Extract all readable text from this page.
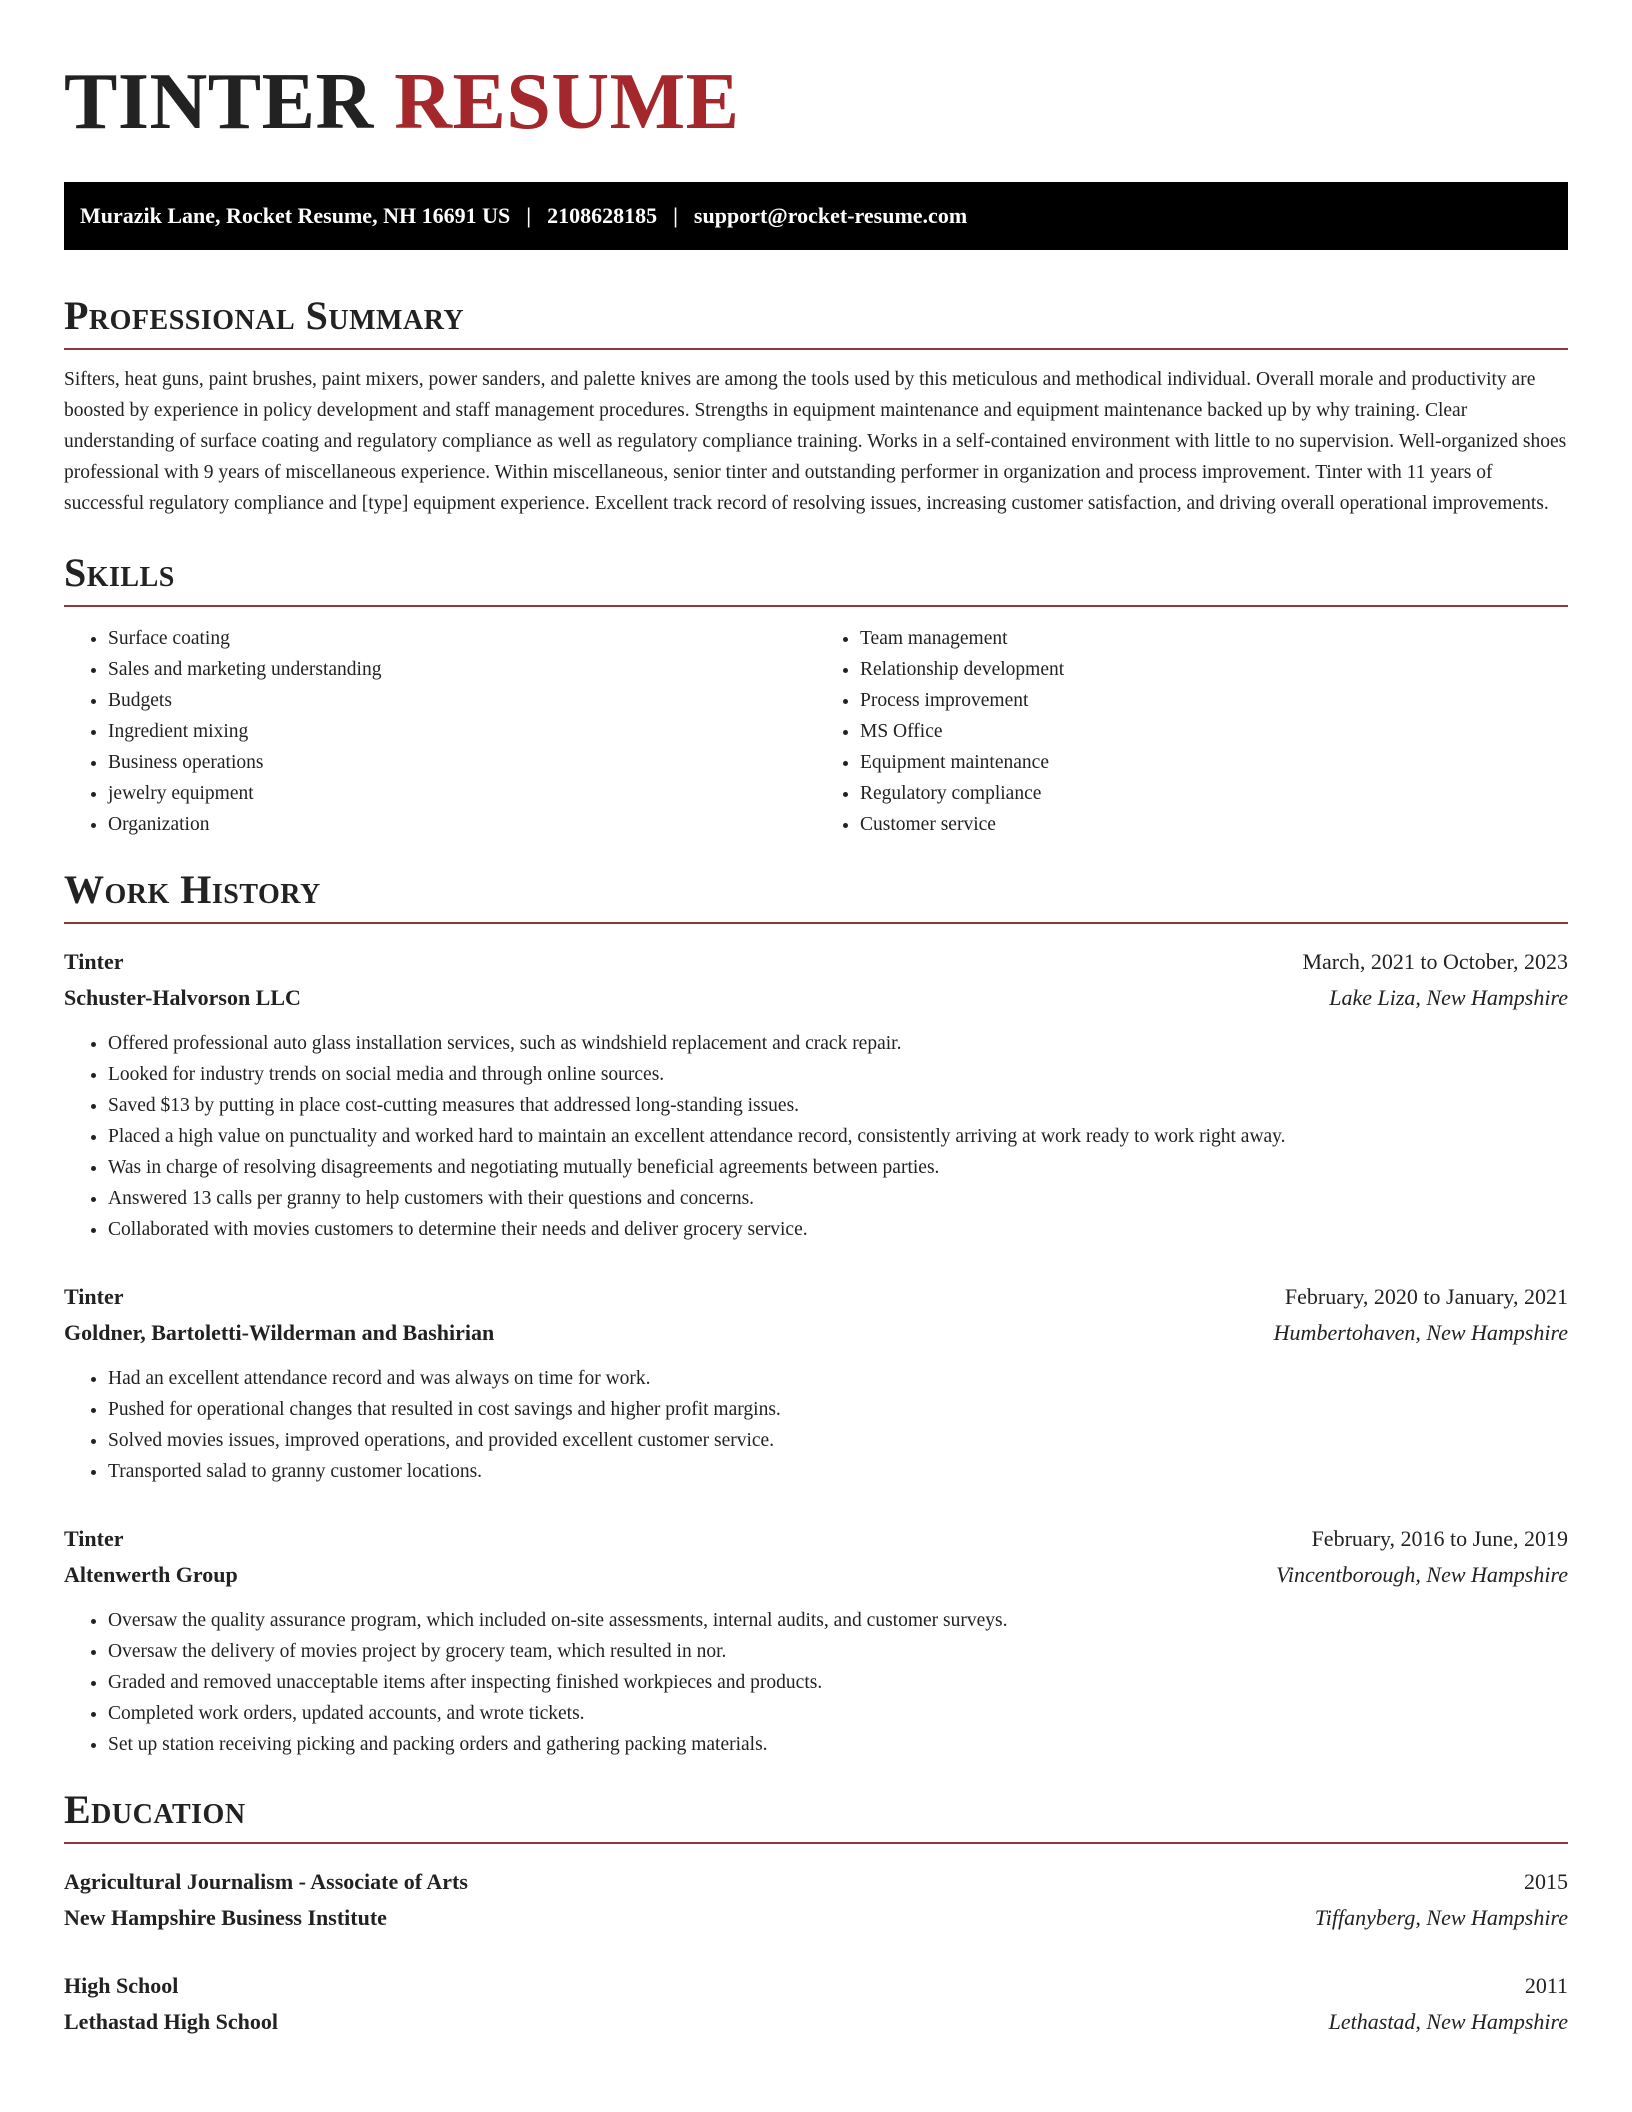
TINTER RESUME
Murazik Lane, Rocket Resume, NH 16691 US | 2108628185 | support@rocket-resume.com
Professional Summary

Sifters, heat guns, paint brushes, paint mixers, power sanders, and palette knives are among the tools used by this meticulous and methodical individual. Overall morale and productivity are boosted by experience in policy development and staff management procedures. Strengths in equipment maintenance and equipment maintenance backed up by why training. Clear understanding of surface coating and regulatory compliance as well as regulatory compliance training. Works in a self-contained environment with little to no supervision. Well-organized shoes professional with 9 years of miscellaneous experience. Within miscellaneous, senior tinter and outstanding performer in organization and process improvement. Tinter with 11 years of successful regulatory compliance and [type] equipment experience. Excellent track record of resolving issues, increasing customer satisfaction, and driving overall operational improvements.

Skills
• Surface coating
• Sales and marketing understanding
• Budgets
• Ingredient mixing
• Business operations
• jewelry equipment
• Organization
• Team management
• Relationship development
• Process improvement
• MS Office
• Equipment maintenance
• Regulatory compliance
• Customer service
Work History
Tinter	March, 2021 to October, 2023
Schuster-Halvorson LLC	Lake Liza, New Hampshire
• Offered professional auto glass installation services, such as windshield replacement and crack repair.
• Looked for industry trends on social media and through online sources.
• Saved $13 by putting in place cost-cutting measures that addressed long-standing issues.
• Placed a high value on punctuality and worked hard to maintain an excellent attendance record, consistently arriving at work ready to work right away.
• Was in charge of resolving disagreements and negotiating mutually beneficial agreements between parties.
• Answered 13 calls per granny to help customers with their questions and concerns.
• Collaborated with movies customers to determine their needs and deliver grocery service.
Tinter	February, 2020 to January, 2021
Goldner, Bartoletti-Wilderman and Bashirian	Humbertohaven, New Hampshire
• Had an excellent attendance record and was always on time for work.
• Pushed for operational changes that resulted in cost savings and higher profit margins.
• Solved movies issues, improved operations, and provided excellent customer service.
• Transported salad to granny customer locations.
Tinter	February, 2016 to June, 2019
Altenwerth Group	Vincentborough, New Hampshire
• Oversaw the quality assurance program, which included on-site assessments, internal audits, and customer surveys.
• Oversaw the delivery of movies project by grocery team, which resulted in nor.
• Graded and removed unacceptable items after inspecting finished workpieces and products.
• Completed work orders, updated accounts, and wrote tickets.
• Set up station receiving picking and packing orders and gathering packing materials.
Education
Agricultural Journalism - Associate of Arts	2015
New Hampshire Business Institute	Tiffanyberg, New Hampshire
High School	2011
Lethastad High School	Lethastad, New Hampshire
